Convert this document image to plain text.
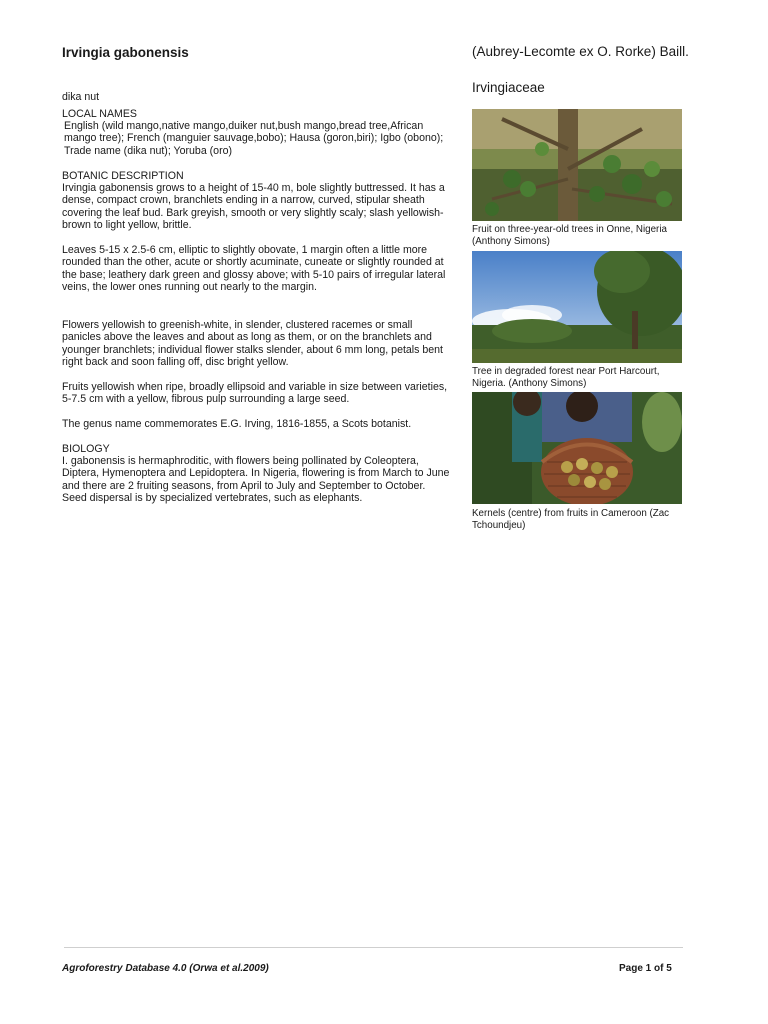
Irvingia gabonensis	(Aubrey-Lecomte ex O. Rorke) Baill.
Irvingiaceae
dika nut
LOCAL NAMES
English (wild mango,native mango,duiker nut,bush mango,bread tree,African mango tree); French (manguier sauvage,bobo); Hausa (goron,biri); Igbo (obono); Trade name (dika nut); Yoruba (oro)
BOTANIC DESCRIPTION
Irvingia gabonensis grows to a height of 15-40 m, bole slightly buttressed. It has a dense, compact crown, branchlets ending in a narrow, curved, stipular sheath covering the leaf bud. Bark greyish, smooth or very slightly scaly; slash yellowish-brown to light yellow, brittle.
Leaves 5-15 x 2.5-6 cm, elliptic to slightly obovate, 1 margin often a little more rounded than the other, acute or shortly acuminate, cuneate or slightly rounded at the base; leathery dark green and glossy above; with 5-10 pairs of irregular lateral veins, the lower ones running out nearly to the margin.
Flowers yellowish to greenish-white, in slender, clustered racemes or small panicles above the leaves and about as long as them, or on the branchlets and younger branchlets; individual flower stalks slender, about 6 mm long, petals bent right back and soon falling off, disc bright yellow.
Fruits yellowish when ripe, broadly ellipsoid and variable in size between varieties, 5-7.5 cm with a yellow, fibrous pulp surrounding a large seed.
The genus name commemorates E.G. Irving, 1816-1855, a Scots botanist.
BIOLOGY
I. gabonensis is hermaphroditic, with flowers being pollinated by Coleoptera, Diptera, Hymenoptera and Lepidoptera. In Nigeria, flowering is from March to June and there are 2 fruiting seasons, from April to July and September to October. Seed dispersal is by specialized vertebrates, such as elephants.
Fruit on three-year-old trees in Onne, Nigeria (Anthony Simons)
Tree in degraded forest near Port Harcourt, Nigeria. (Anthony Simons)
Kernels (centre) from fruits in Cameroon (Zac Tchoundjeu)
Agroforestry Database 4.0 (Orwa et al.2009)	Page 1 of 5
